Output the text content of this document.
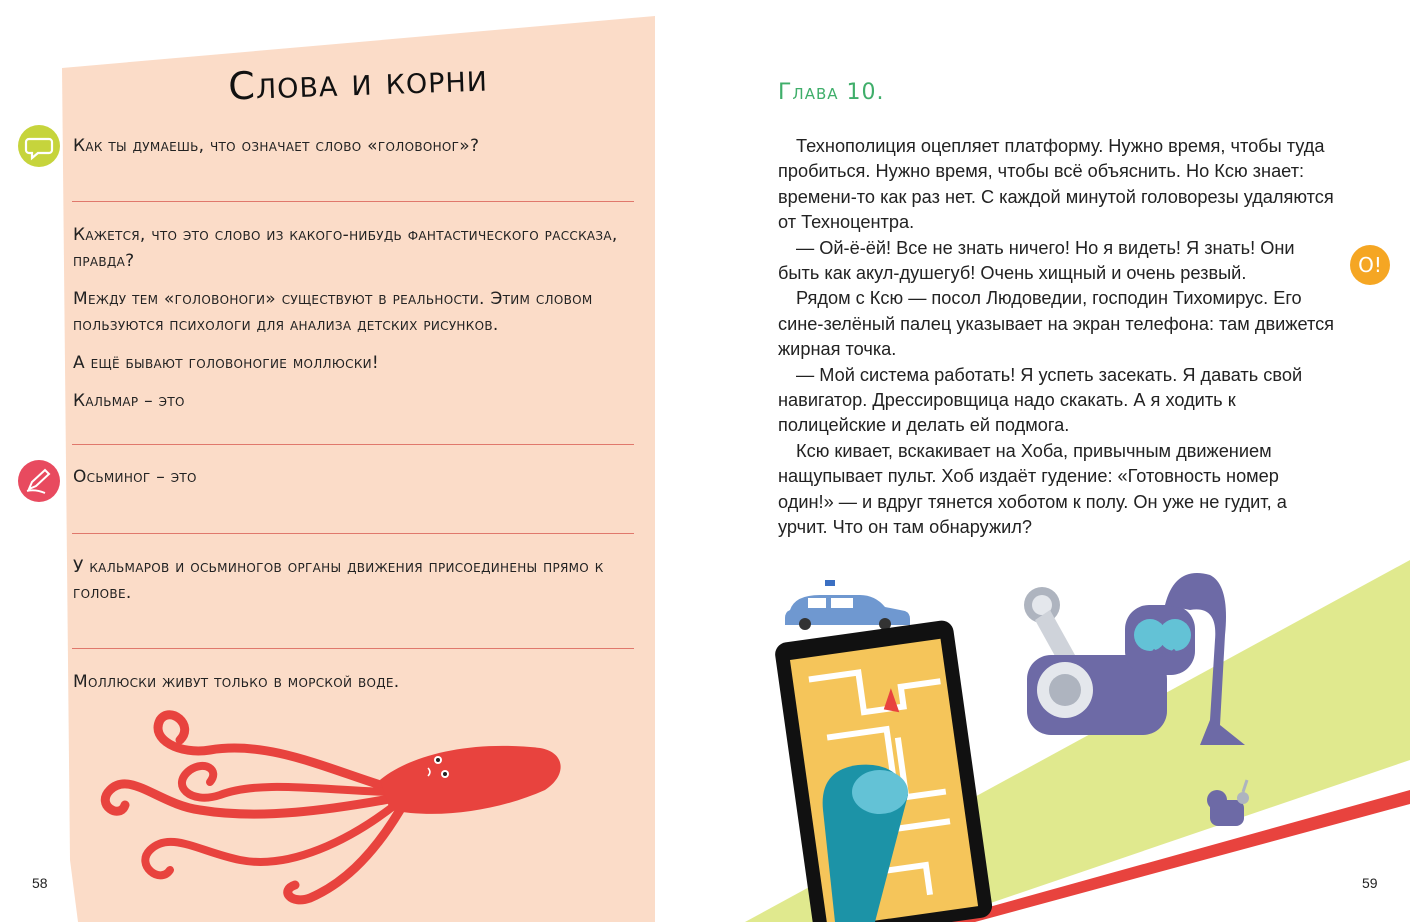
Слова и корни
Как ты думаешь, что означает слово «головоног»?
Кажется, что это слово из какого-нибудь фантастического рассказа, правда?
Между тем «головоноги» существуют в реальности. Этим словом пользуются психологи для анализа детских рисунков.
А ещё бывают головоногие моллюски!
Кальмар – это
Осьминог – это
У кальмаров и осьминогов органы движения присоединены прямо к голове.
Моллюски живут только в морской воде.
58
Глава 10.

Технополиция оцепляет платформу. Нужно время, чтобы туда пробиться. Нужно время, чтобы всё объяснить. Но Ксю знает: времени-то как раз нет. С каждой минутой головорезы удаляются от Техноцентра.

— Ой-ё-ёй! Все не знать ничего! Но я видеть! Я знать! Они быть как акул-душегуб! Очень хищный и очень резвый.

Рядом с Ксю — посол Людоведии, господин Тихомирус. Его сине-зелёный палец указывает на экран телефона: там движется жирная точка.

— Мой система работать! Я успеть засекать. Я давать свой навигатор. Дрессировщица надо скакать. А я ходить к полицейские и делать ей подмога.

Ксю кивает, вскакивает на Хоба, привычным движением нащупывает пульт. Хоб издаёт гудение: «Готовность номер один!» — и вдруг тянется хоботом к полу. Он уже не гудит, а урчит. Что он там обнаружил?

O!
59
